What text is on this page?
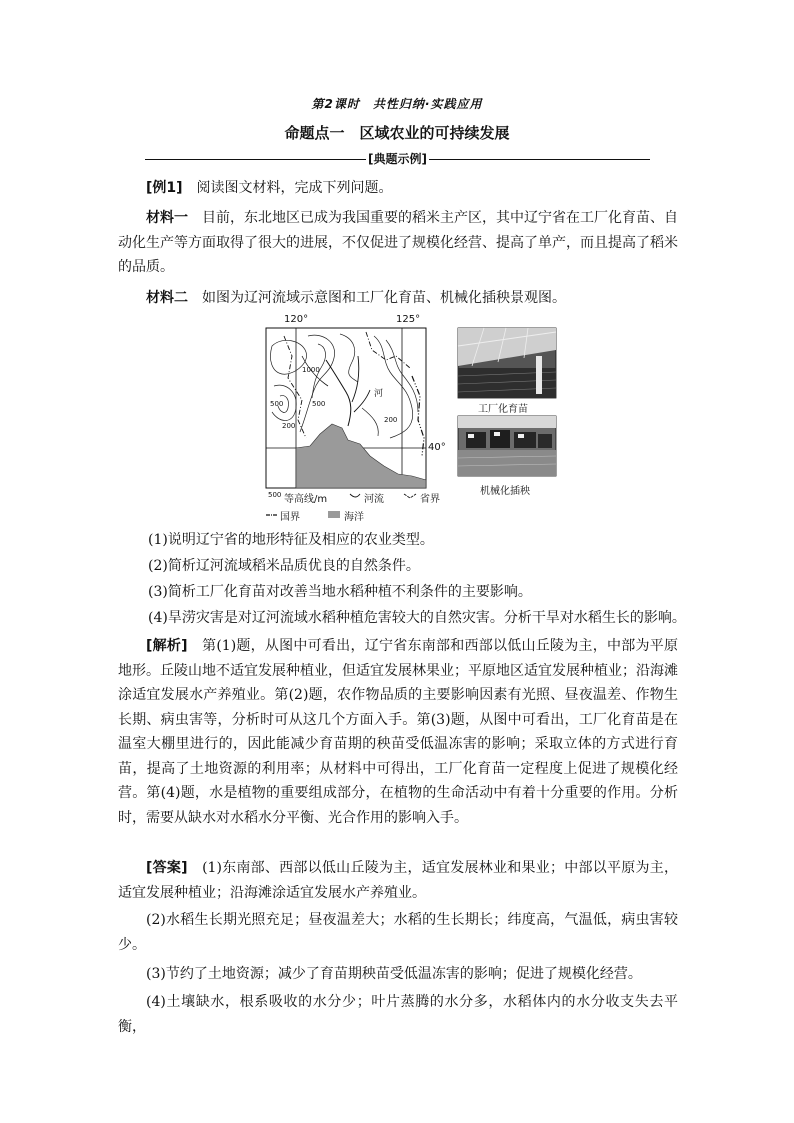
第2课时　共性归纳·实践应用
命题点一　区域农业的可持续发展
[典题示例]
[例1]　 阅读图文材料，完成下列问题。
材料一　 目前，东北地区已成为我国重要的稻米主产区，其中辽宁省在工厂化育苗、自动化生产等方面取得了很大的进展，不仅促进了规模化经营、提高了单产，而且提高了稻米的品质。
材料二　 如图为辽河流域示意图和工厂化育苗、机械化插秧景观图。
120°	125°
40°
河
1000
500	500
200
200
工厂化育苗
机械化插秧
500 等高线/m	河流	省界
国界	海洋
(1)说明辽宁省的地形特征及相应的农业类型。
(2)简析辽河流域稻米品质优良的自然条件。
(3)简析工厂化育苗对改善当地水稻种植不利条件的主要影响。
(4)旱涝灾害是对辽河流域水稻种植危害较大的自然灾害。分析干旱对水稻生长的影响。
[解析]　 第(1)题，从图中可看出，辽宁省东南部和西部以低山丘陵为主，中部为平原地形。丘陵山地不适宜发展种植业，但适宜发展林果业；平原地区适宜发展种植业；沿海滩涂适宜发展水产养殖业。第(2)题，农作物品质的主要影响因素有光照、昼夜温差、作物生长期、病虫害等，分析时可从这几个方面入手。第(3)题，从图中可看出，工厂化育苗是在温室大棚里进行的，因此能减少育苗期的秧苗受低温冻害的影响；采取立体的方式进行育苗，提高了土地资源的利用率；从材料中可得出，工厂化育苗一定程度上促进了规模化经营。第(4)题，水是植物的重要组成部分，在植物的生命活动中有着十分重要的作用。分析时，需要从缺水对水稻水分平衡、光合作用的影响入手。
[答案]　 (1)东南部、西部以低山丘陵为主，适宜发展林业和果业；中部以平原为主，适宜发展种植业；沿海滩涂适宜发展水产养殖业。
(2)水稻生长期光照充足；昼夜温差大；水稻的生长期长；纬度高，气温低，病虫害较少。
(3)节约了土地资源；减少了育苗期秧苗受低温冻害的影响；促进了规模化经营。
(4)土壤缺水，根系吸收的水分少；叶片蒸腾的水分多，水稻体内的水分收支失去平衡，
